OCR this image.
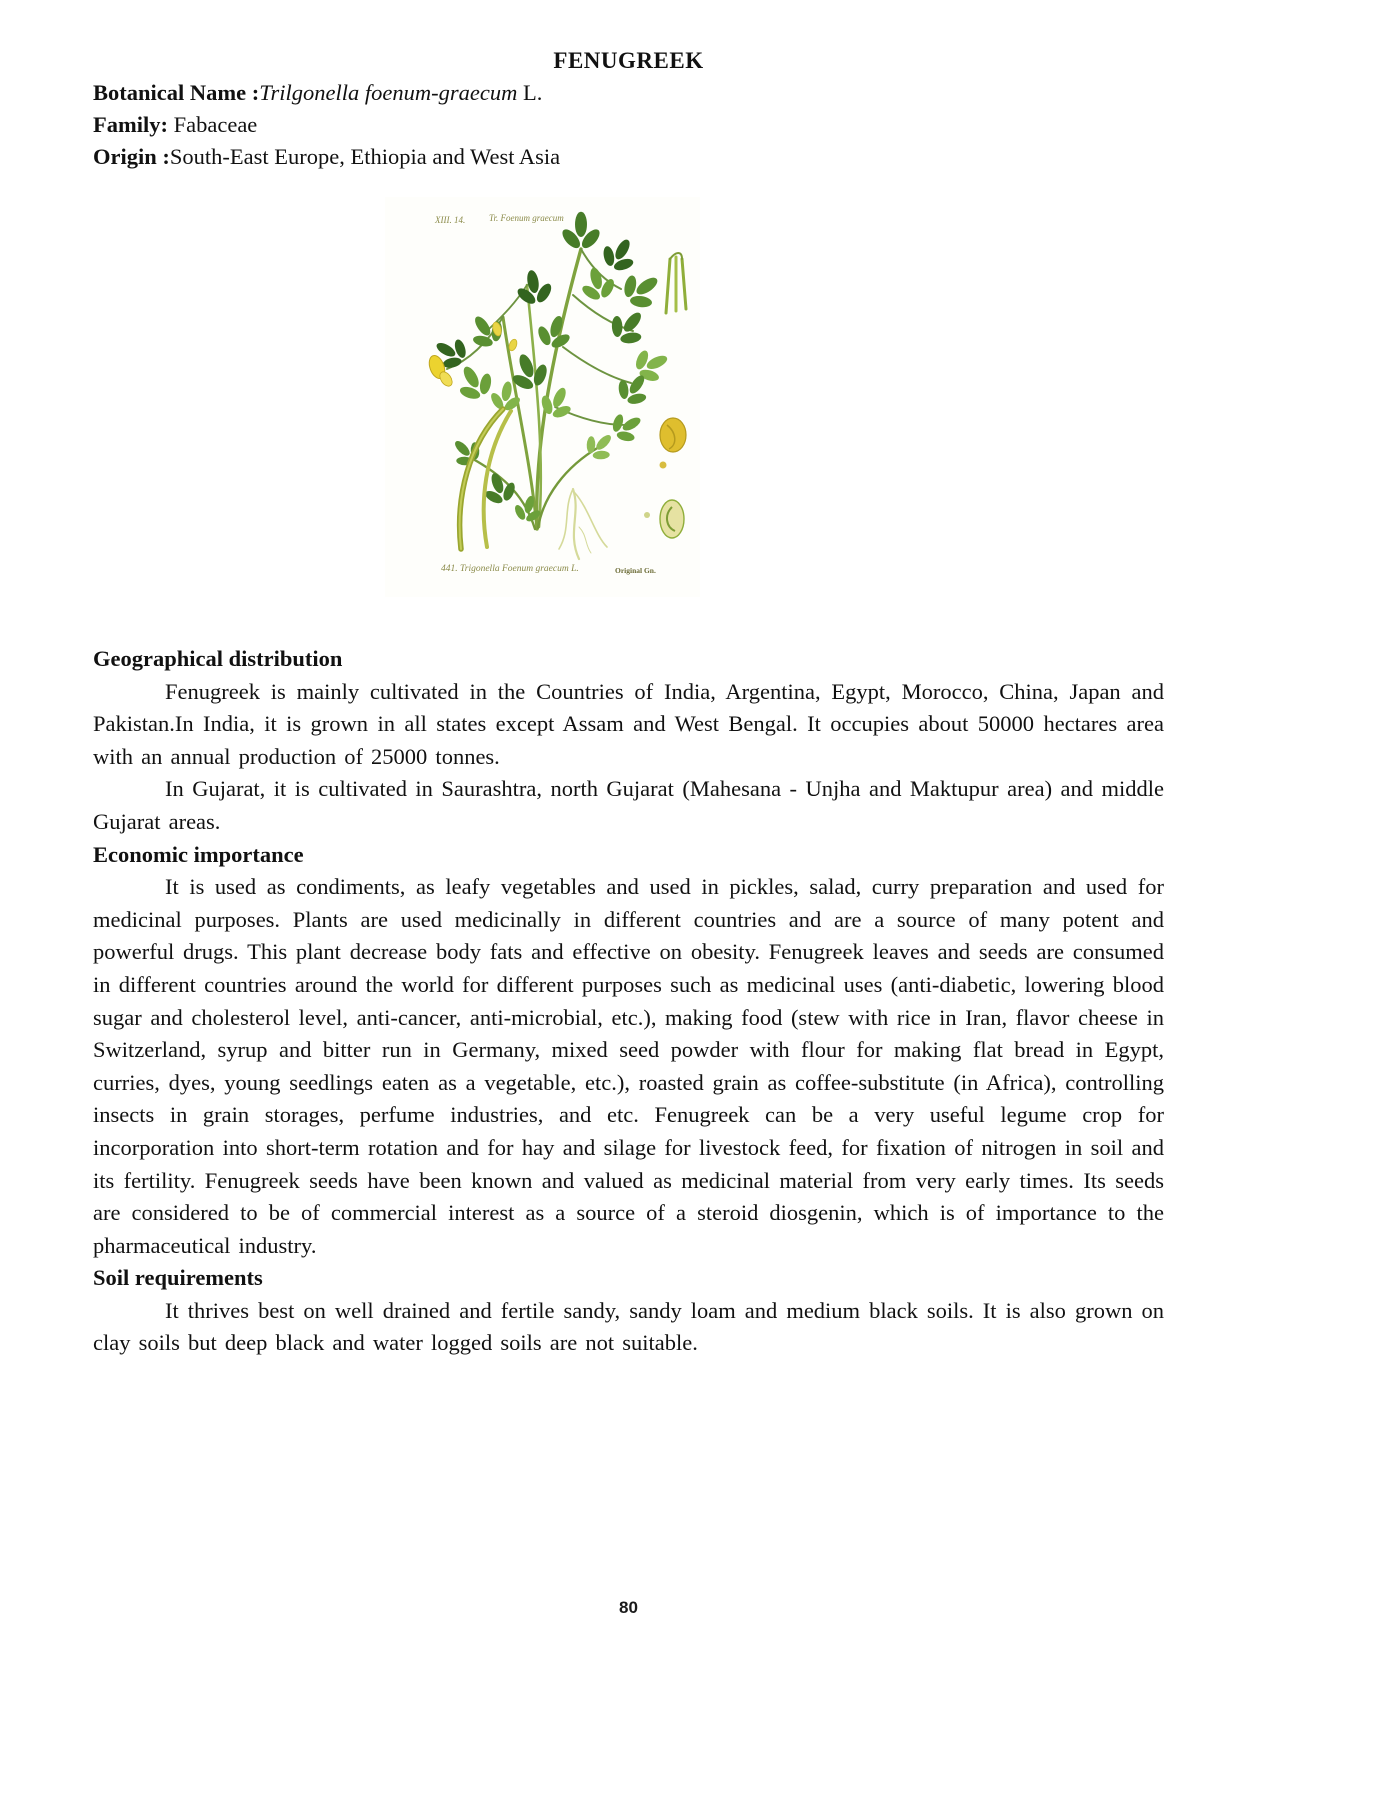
FENUGREEK

Botanical Name :Trilgonella foenum-graecum L.

Family: Fabaceae

Origin :South-East Europe, Ethiopia and West Asia

XIII. 14.	Tr. Foenum graecum
441. Trigonella Foenum graecum L.	Original Gn.
Geographical distribution

Fenugreek is mainly cultivated in the Countries of India, Argentina, Egypt, Morocco, China, Japan and Pakistan.In India, it is grown in all states except Assam and West Bengal. It occupies about 50000 hectares area with an annual production of 25000 tonnes.

In Gujarat, it is cultivated in Saurashtra, north Gujarat (Mahesana - Unjha and Maktupur area) and middle Gujarat areas.

Economic importance

It is used as condiments, as leafy vegetables and used in pickles, salad, curry preparation and used for medicinal purposes. Plants are used medicinally in different countries and are a source of many potent and powerful drugs. This plant decrease body fats and effective on obesity. Fenugreek leaves and seeds are consumed in different countries around the world for different purposes such as medicinal uses (anti-diabetic, lowering blood sugar and cholesterol level, anti-cancer, anti-microbial, etc.), making food (stew with rice in Iran, flavor cheese in Switzerland, syrup and bitter run in Germany, mixed seed powder with flour for making flat bread in Egypt, curries, dyes, young seedlings eaten as a vegetable, etc.), roasted grain as coffee-substitute (in Africa), controlling insects in grain storages, perfume industries, and etc. Fenugreek can be a very useful legume crop for incorporation into short-term rotation and for hay and silage for livestock feed, for fixation of nitrogen in soil and its fertility. Fenugreek seeds have been known and valued as medicinal material from very early times. Its seeds are considered to be of commercial interest as a source of a steroid diosgenin, which is of importance to the pharmaceutical industry.

Soil requirements

It thrives best on well drained and fertile sandy, sandy loam and medium black soils. It is also grown on clay soils but deep black and water logged soils are not suitable.

80
